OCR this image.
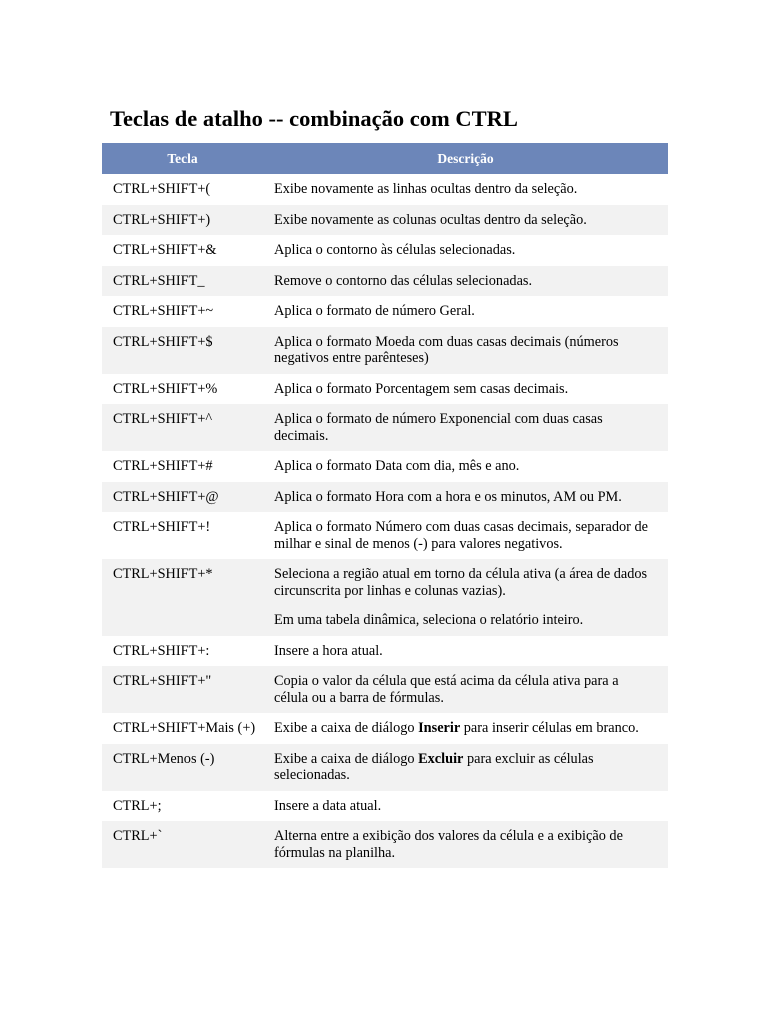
Teclas de atalho -- combinação com CTRL
Tecla	Descrição
CTRL+SHIFT+(	Exibe novamente as linhas ocultas dentro da seleção.

CTRL+SHIFT+)	Exibe novamente as colunas ocultas dentro da seleção.

CTRL+SHIFT+&	Aplica o contorno às células selecionadas.

CTRL+SHIFT_	Remove o contorno das células selecionadas.

CTRL+SHIFT+~	Aplica o formato de número Geral.

CTRL+SHIFT+$	Aplica o formato Moeda com duas casas decimais (números negativos entre parênteses)

CTRL+SHIFT+%	Aplica o formato Porcentagem sem casas decimais.

CTRL+SHIFT+^	Aplica o formato de número Exponencial com duas casas decimais.

CTRL+SHIFT+#	Aplica o formato Data com dia, mês e ano.

CTRL+SHIFT+@	Aplica o formato Hora com a hora e os minutos, AM ou PM.

CTRL+SHIFT+!	Aplica o formato Número com duas casas decimais, separador de milhar e sinal de menos (-) para valores negativos.

CTRL+SHIFT+*	Seleciona a região atual em torno da célula ativa (a área de dados circunscrita por linhas e colunas vazias).

Em uma tabela dinâmica, seleciona o relatório inteiro.

CTRL+SHIFT+:	Insere a hora atual.

CTRL+SHIFT+"	Copia o valor da célula que está acima da célula ativa para a célula ou a barra de fórmulas.

CTRL+SHIFT+Mais (+)	Exibe a caixa de diálogo Inserir para inserir células em branco.

CTRL+Menos (-)	Exibe a caixa de diálogo Excluir para excluir as células selecionadas.

CTRL+;	Insere a data atual.

CTRL+`	Alterna entre a exibição dos valores da célula e a exibição de fórmulas na planilha.
